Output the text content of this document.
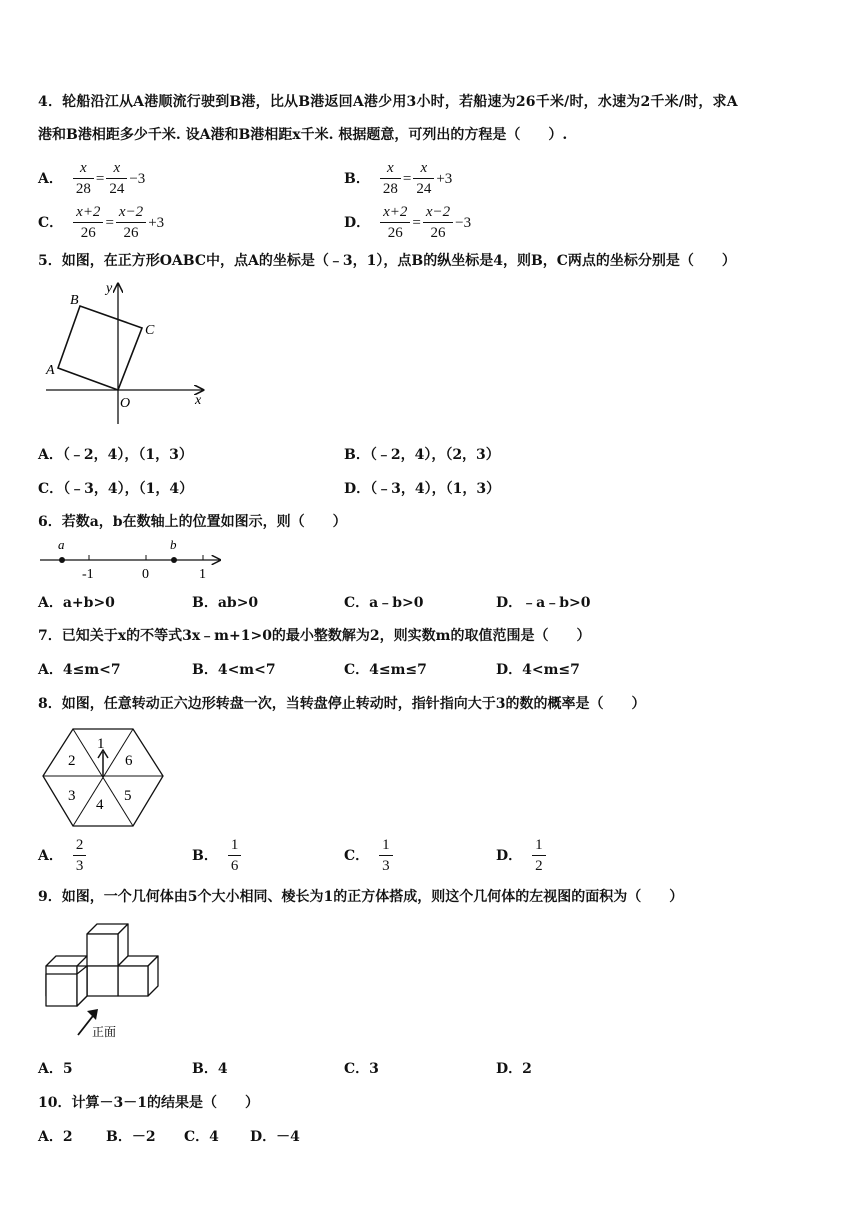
4．轮船沿江从A港顺流行驶到B港，比从B港返回A港少用3小时，若船速为26千米/时，水速为2千米/时，求A
港和B港相距多少千米. 设A港和B港相距x千米. 根据题意，可列出的方程是（　　）.
A． $\frac{x}{28} = \frac{x}{24} -3$	B． $\frac{x}{28} = \frac{x}{24} +3$
C． $\frac{x+2}{26} = \frac{x-2}{26} +3$	D． $\frac{x+2}{26} = \frac{x-2}{26} -3$
5．如图，在正方形OABC中，点A的坐标是（﹣3，1），点B的纵坐标是4，则B，C两点的坐标分别是（　　）
B
C
A
O	x
y
A．（﹣2，4），（1，3）	B．（﹣2，4），（2，3）
C．（﹣3，4），（1，4）	D．（﹣3，4），（1，3）
6．若数a，b在数轴上的位置如图示，则（　　）
a	b
-1	0	1
A．a+b>0	B．ab>0	C．a﹣b>0	D．﹣a﹣b>0
7．已知关于x的不等式3x﹣m+1>0的最小整数解为2，则实数m的取值范围是（　　）
A．4≤m<7	B．4<m<7	C．4≤m≤7	D．4<m≤7
8．如图，任意转动正六边形转盘一次，当转盘停止转动时，指针指向大于3的数的概率是（　　）
1
2	6
3
4
5
A． $\frac{2}{3}$	B． $\frac{1}{6}$	C． $\frac{1}{3}$	D． $\frac{1}{2}$
9．如图，一个几何体由5个大小相同、棱长为1的正方体搭成，则这个几何体的左视图的面积为（　　）
正面
A．5	B．4	C．3	D．2
10．计算－3－1的结果是（　　）
A．2 B．－2 C．4 D．－4
